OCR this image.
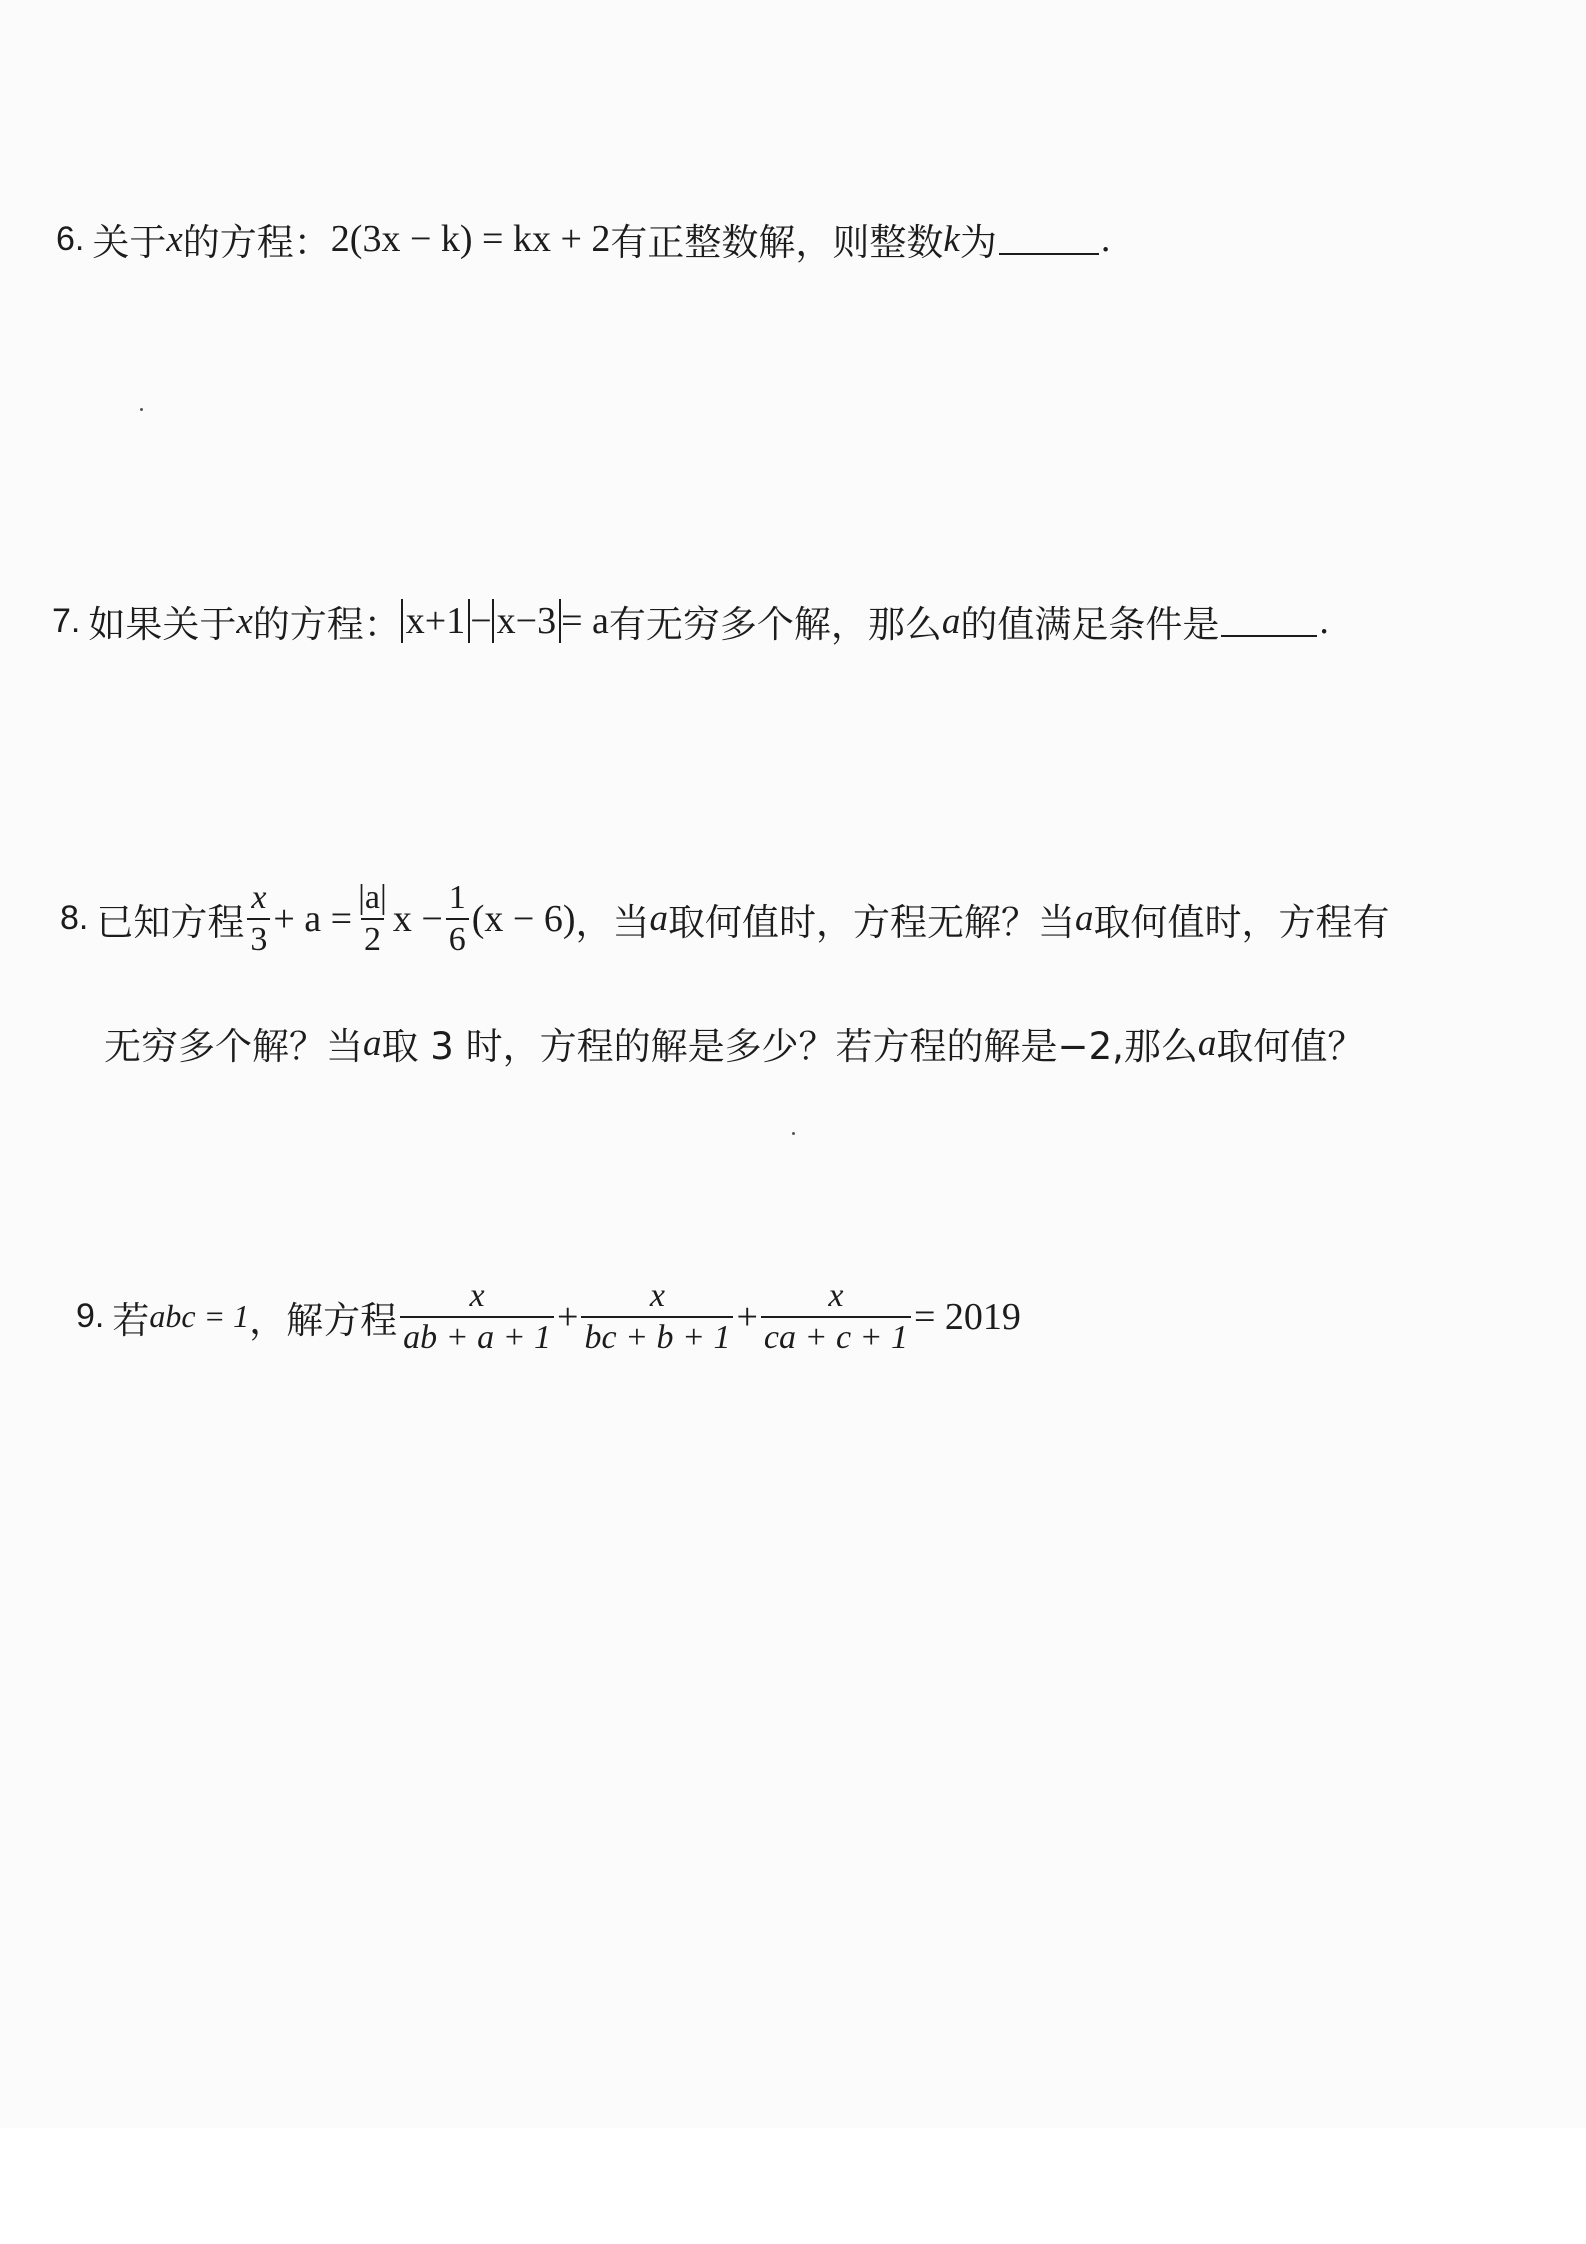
6. 关于 x 的方程： 2(3x − k) = kx + 2 有正整数解，则整数 k 为	.
7. 如果关于 x 的方程： x+1 − x−3 = a 有无穷多个解，那么 a 的值满足条件是	.
8. 已知方程 $\frac{x}{3} + a = \frac{|a|}{2}$ $x - \frac{1}{6} (x - 6)$ ，当 a 取何值时，方程无解？当 a 取何值时，方程有
无穷多个解？当 a 取 3 时，方程的解是多少？若方程的解是−2,那么 a 取何值？
9. 若 abc = 1 ，解方程 $\frac{x}{ab + a + 1} + \frac{x}{bc + b + 1} + \frac{x}{ca + c + 1} = 2019$
